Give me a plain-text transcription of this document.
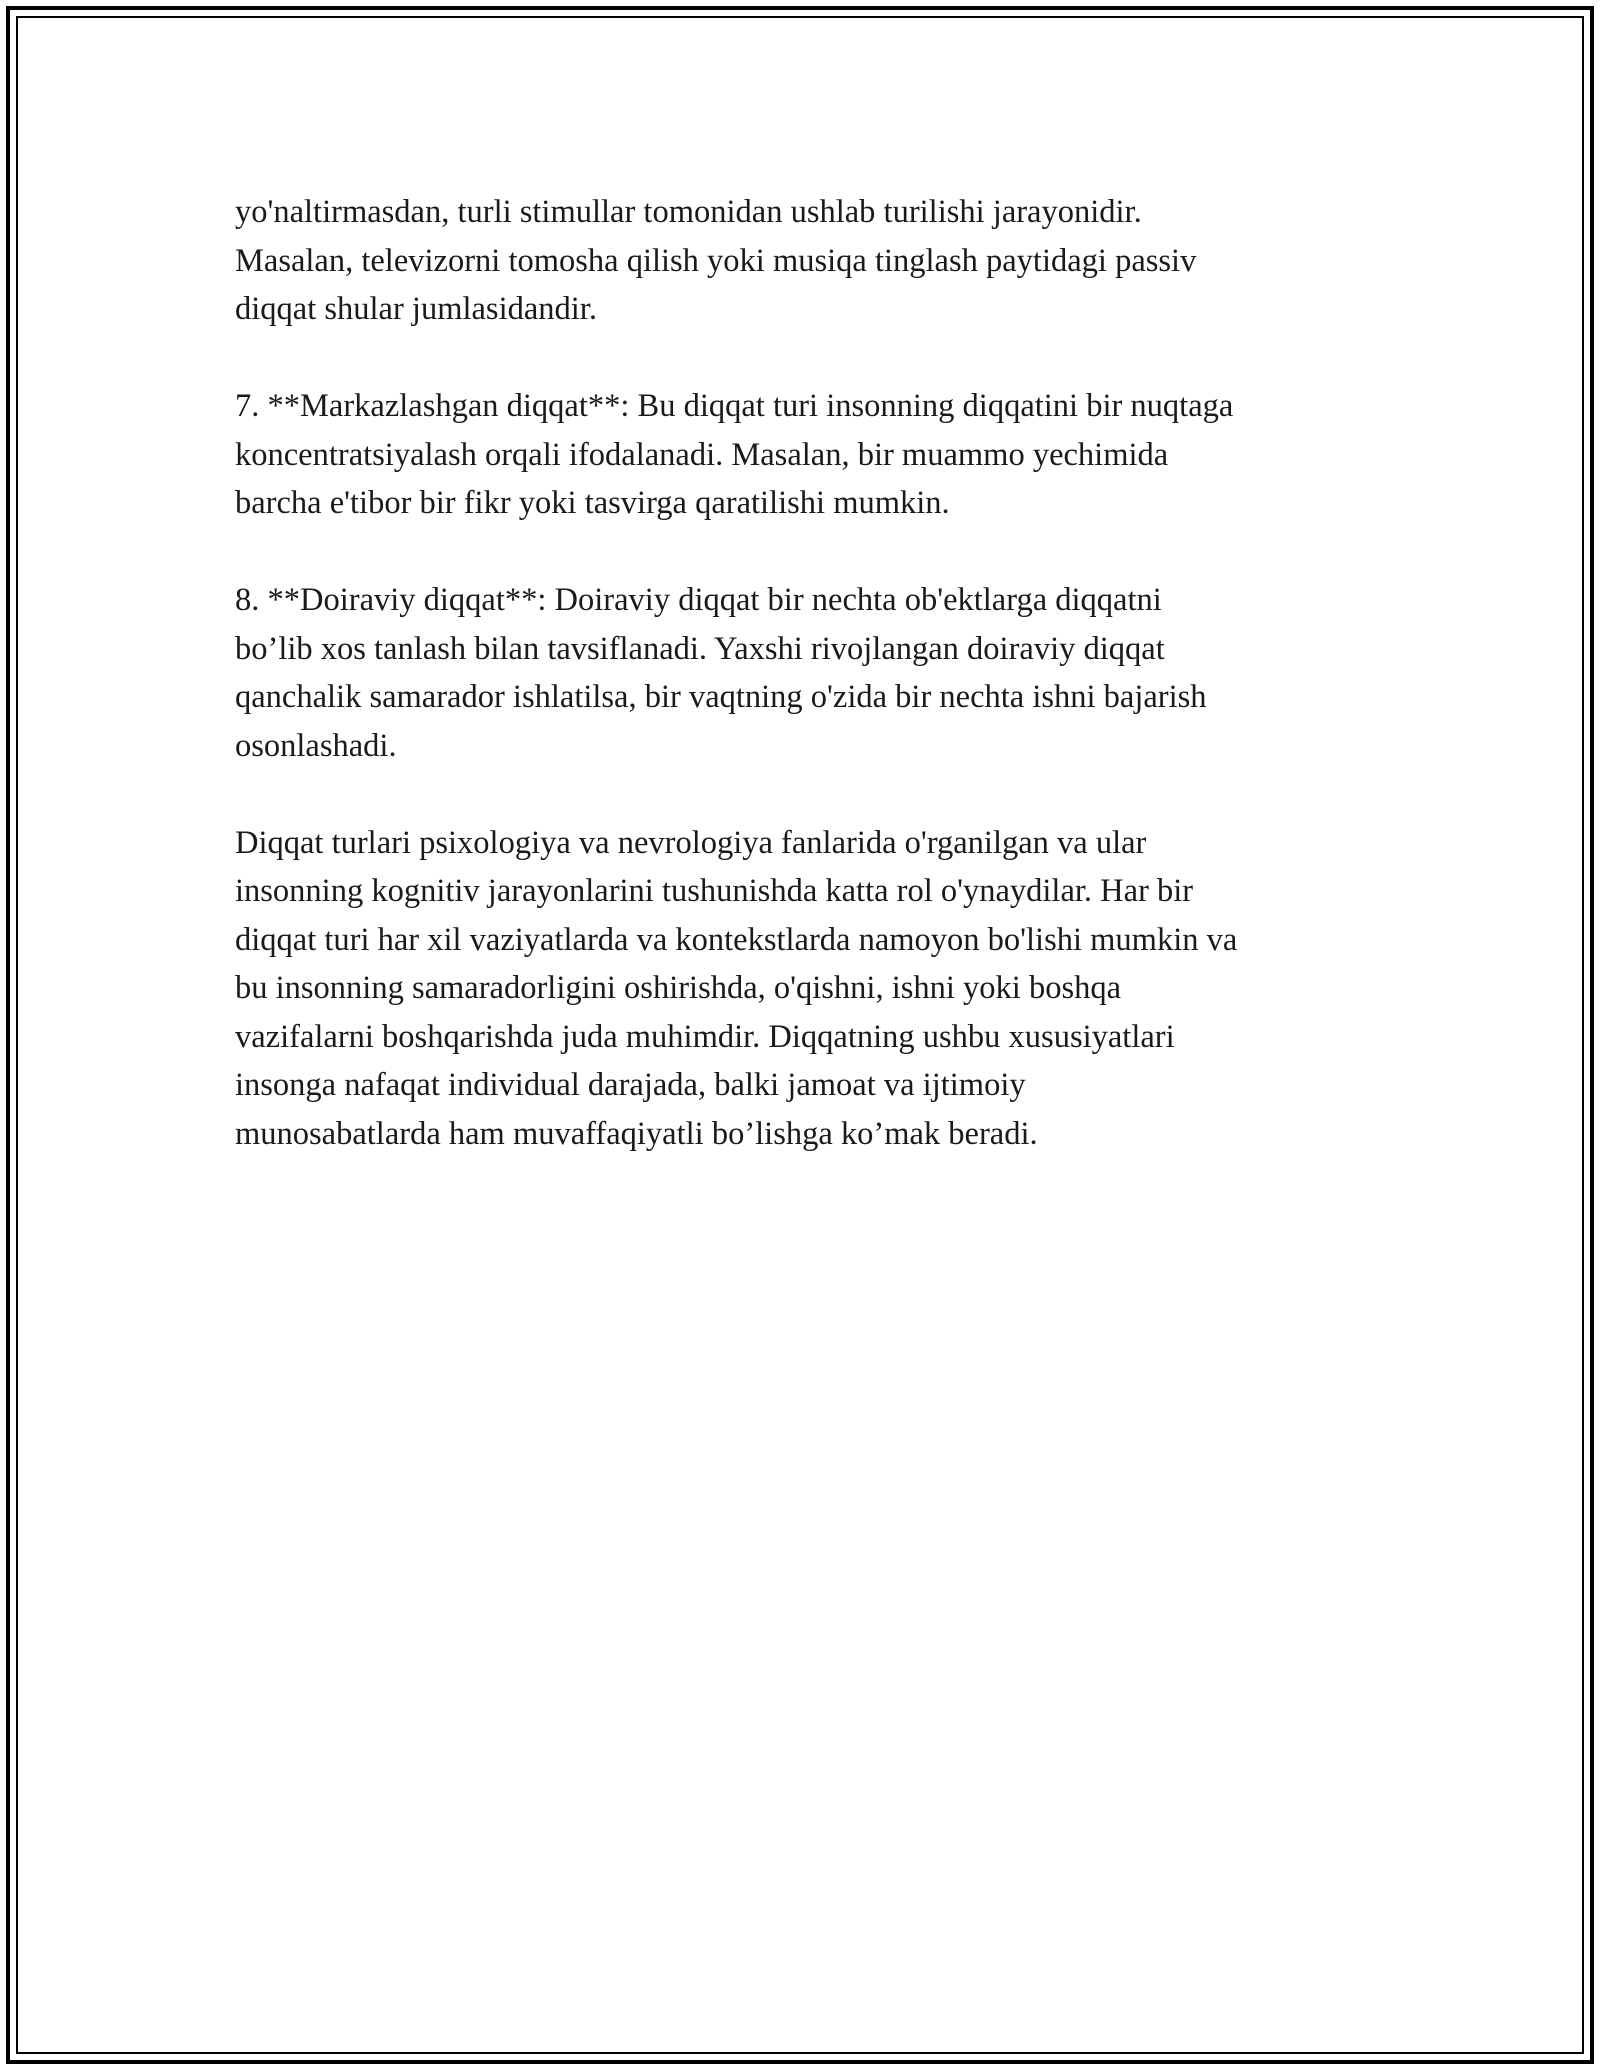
yo'naltirmasdan, turli stimullar tomonidan ushlab turilishi jarayonidir.
Masalan, televizorni tomosha qilish yoki musiqa tinglash paytidagi passiv
diqqat shular jumlasidandir.

7. **Markazlashgan diqqat**: Bu diqqat turi insonning diqqatini bir nuqtaga
koncentratsiyalash orqali ifodalanadi. Masalan, bir muammo yechimida
barcha e'tibor bir fikr yoki tasvirga qaratilishi mumkin.

8. **Doiraviy diqqat**: Doiraviy diqqat bir nechta ob'ektlarga diqqatni
bo’lib xos tanlash bilan tavsiflanadi. Yaxshi rivojlangan doiraviy diqqat
qanchalik samarador ishlatilsa, bir vaqtning o'zida bir nechta ishni bajarish
osonlashadi.

Diqqat turlari psixologiya va nevrologiya fanlarida o'rganilgan va ular
insonning kognitiv jarayonlarini tushunishda katta rol o'ynaydilar. Har bir
diqqat turi har xil vaziyatlarda va kontekstlarda namoyon bo'lishi mumkin va
bu insonning samaradorligini oshirishda, o'qishni, ishni yoki boshqa
vazifalarni boshqarishda juda muhimdir. Diqqatning ushbu xususiyatlari
insonga nafaqat individual darajada, balki jamoat va ijtimoiy
munosabatlarda ham muvaffaqiyatli bo’lishga ko’mak beradi.
